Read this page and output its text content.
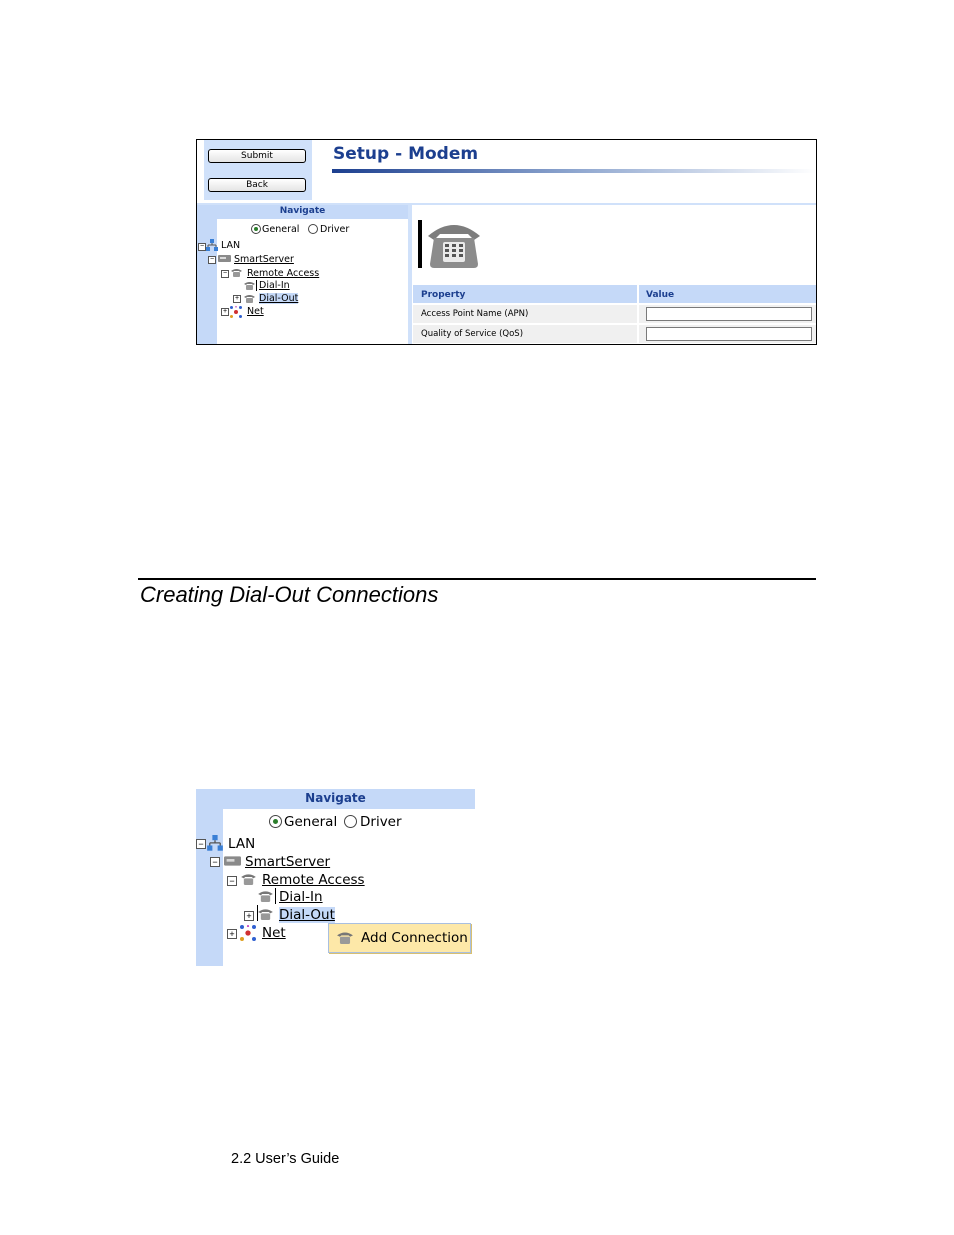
Submit
Back
Setup - Modem
Navigate
General Driver
− LAN
− SmartServer
− Remote Access
Dial-In
+ Dial-Out
+ Net
Property	Value
Access Point Name (APN)
Quality of Service (QoS)
Creating Dial-Out Connections
Navigate
General Driver
− LAN
− SmartServer
− Remote Access
Dial-In
+ Dial-Out
+ Net	Add Connection
2.2 User’s Guide
